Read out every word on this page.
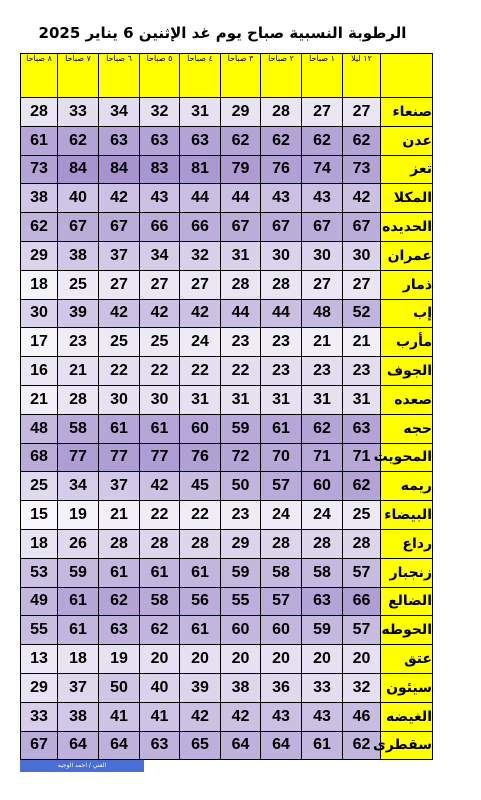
الرطوبة النسبية صباح يوم غد الإثنين 6 يناير 2025
٨ صباحا	٧ صباحا	٦ صباحا	٥ صباحا	٤ صباحا	٣ صباحا	٢ صباحا	١ صباحا	١٢ ليلا	
28	33	34	32	31	29	28	27	27	صنعاء
61	62	63	63	63	62	62	62	62	عدن
73	84	84	83	81	79	76	74	73	تعز
38	40	42	43	44	44	43	43	42	المكلا
62	67	67	66	66	67	67	67	67	الحديده
29	38	37	34	32	31	30	30	30	عمران
18	25	27	27	27	28	28	27	27	ذمار
30	39	42	42	42	44	44	48	52	إب
17	23	25	25	24	23	23	21	21	مأرب
16	21	22	22	22	22	23	23	23	الجوف
21	28	30	30	31	31	31	31	31	صعده
48	58	61	61	60	59	61	62	63	حجه
68	77	77	77	76	72	70	71	71	المحويت
25	34	37	42	45	50	57	60	62	ريمه
15	19	21	22	22	23	24	24	25	البيضاء
18	26	28	28	28	29	28	28	28	رداع
53	59	61	61	61	59	58	58	57	زنجبار
49	61	62	58	56	55	57	63	66	الضالع
55	61	63	62	61	60	60	59	57	الحوطه
13	18	19	20	20	20	20	20	20	عتق
29	37	50	40	39	38	36	33	32	سيئون
33	38	41	41	42	42	43	43	46	الغيضه
67	64	64	63	65	64	64	61	62	سقطرى
الفني / احمد الوجيه
